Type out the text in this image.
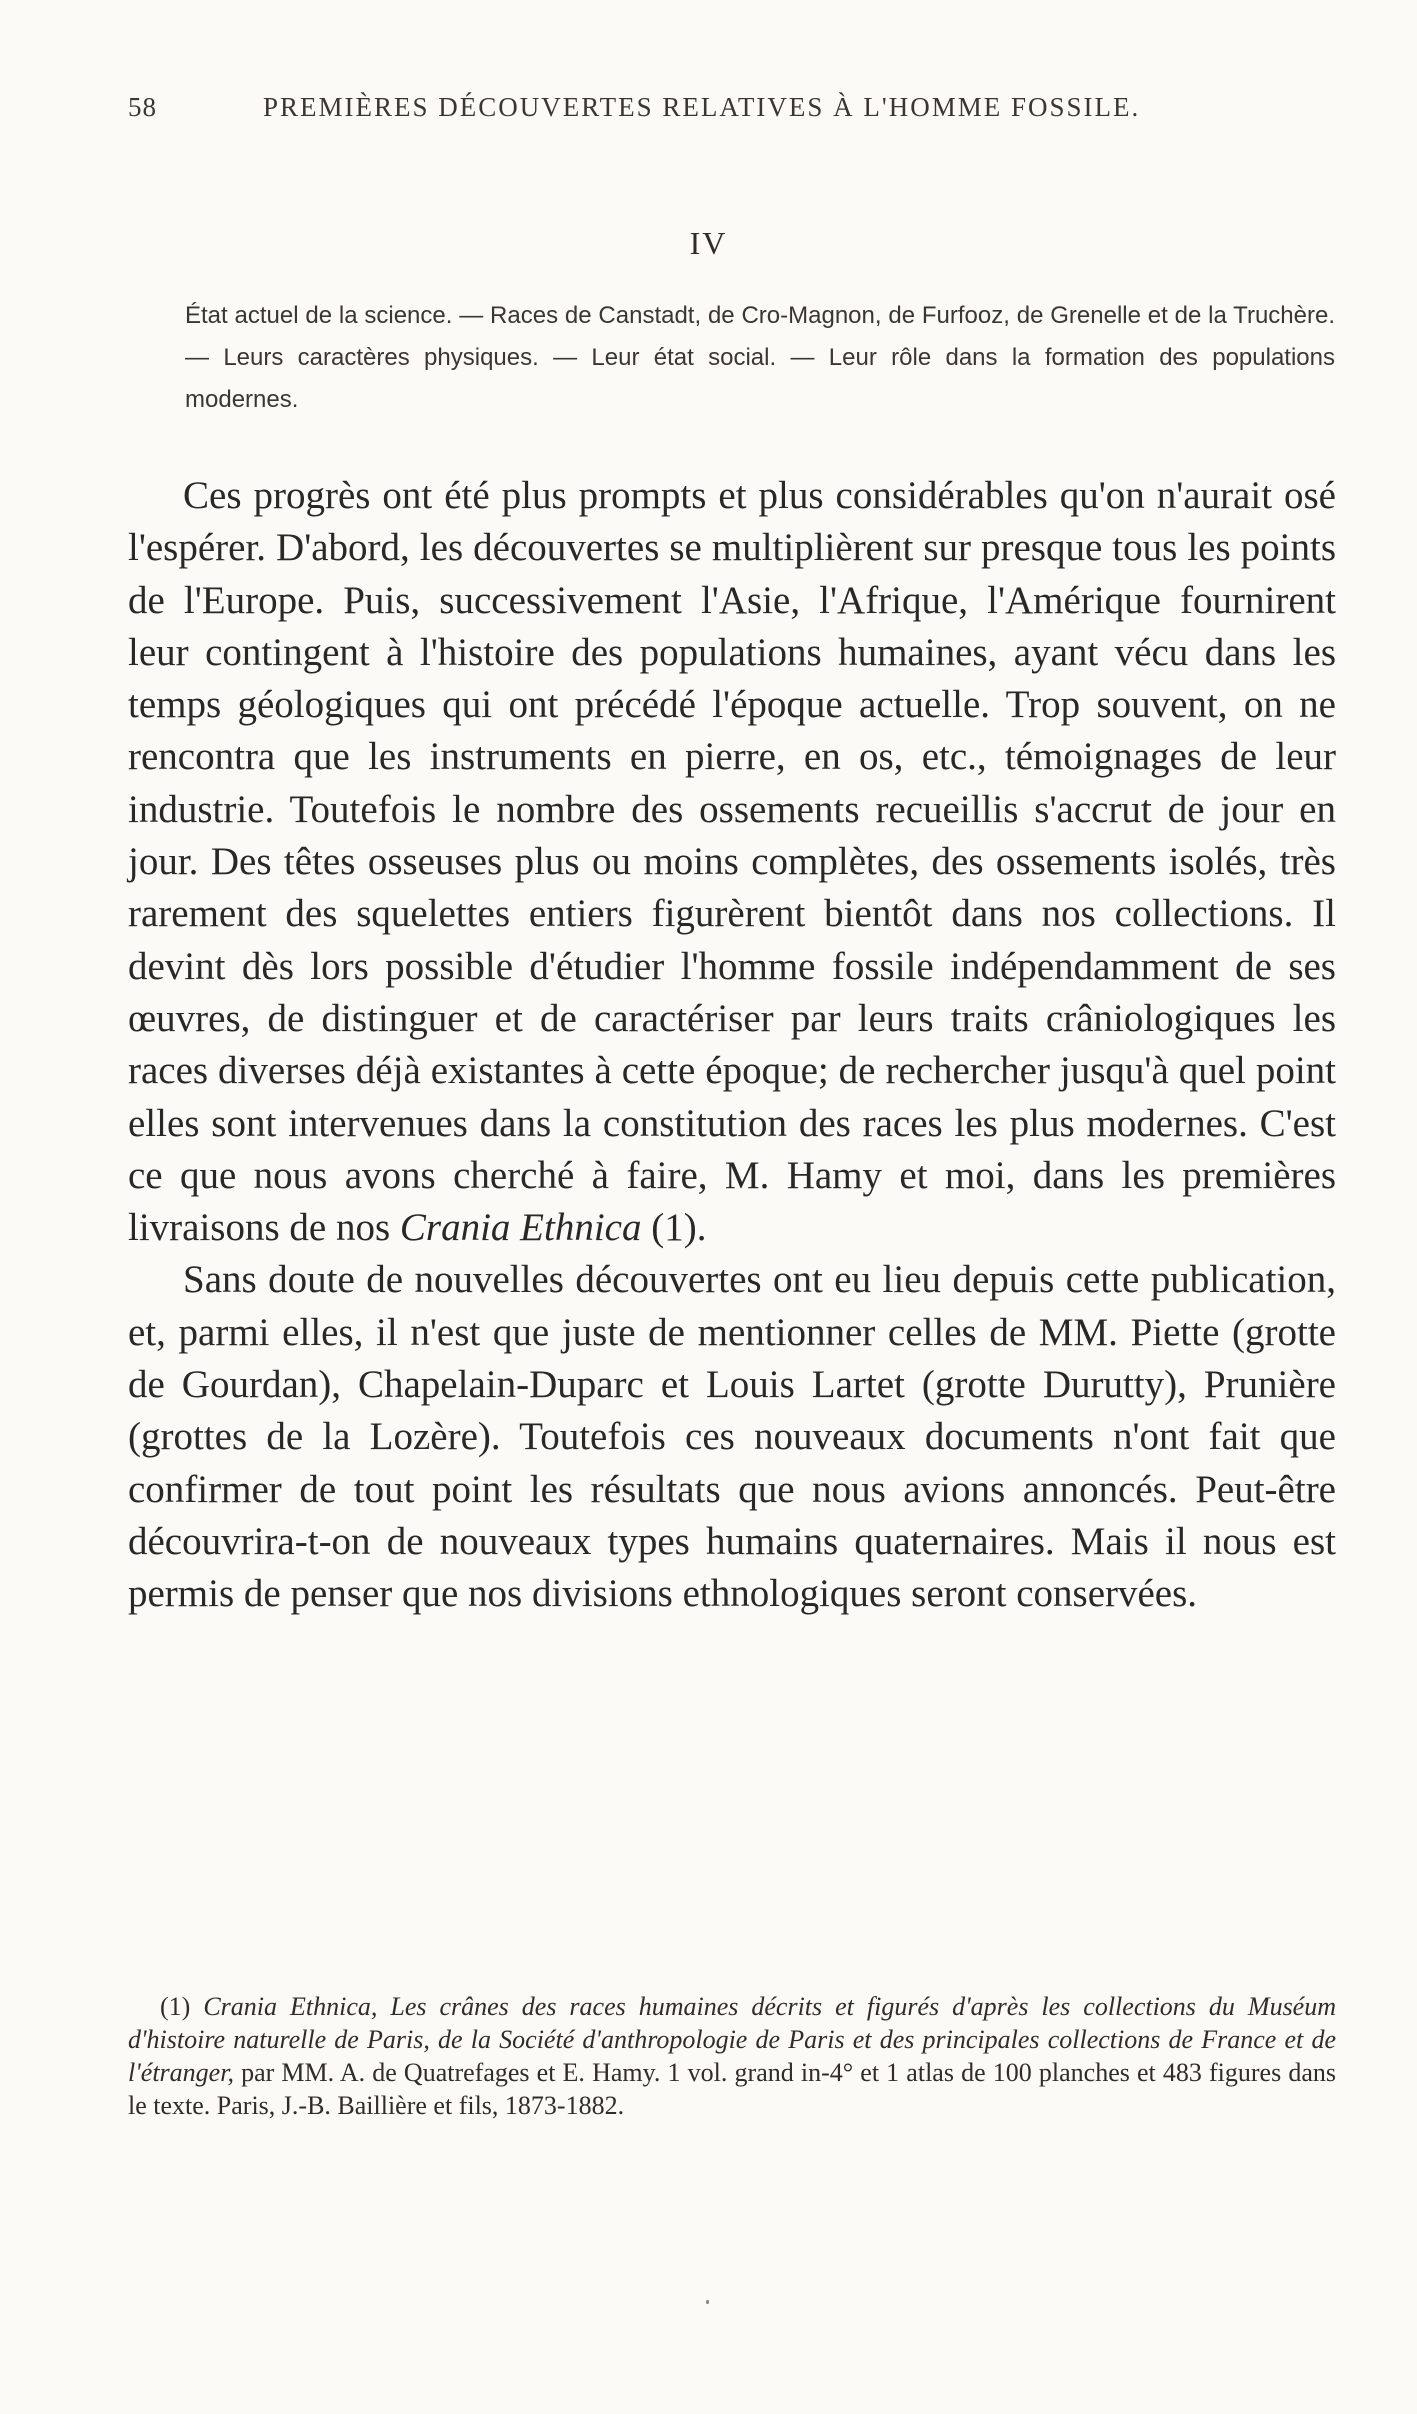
58	PREMIÈRES DÉCOUVERTES RELATIVES À L'HOMME FOSSILE.
IV
État actuel de la science. — Races de Canstadt, de Cro-Magnon, de Furfooz, de Grenelle et de la Truchère. — Leurs caractères physiques. — Leur état social. — Leur rôle dans la formation des populations modernes.

Ces progrès ont été plus prompts et plus considérables qu'on n'aurait osé l'espérer. D'abord, les découvertes se multiplièrent sur presque tous les points de l'Europe. Puis, successivement l'Asie, l'Afrique, l'Amérique fournirent leur contingent à l'histoire des populations humaines, ayant vécu dans les temps géologiques qui ont précédé l'époque actuelle. Trop souvent, on ne rencontra que les instruments en pierre, en os, etc., témoignages de leur industrie. Toutefois le nombre des ossements recueillis s'accrut de jour en jour. Des têtes osseuses plus ou moins complètes, des ossements isolés, très rarement des squelettes entiers figurèrent bientôt dans nos collections. Il devint dès lors possible d'étudier l'homme fossile indépendamment de ses œuvres, de distinguer et de caractériser par leurs traits crâniologiques les races diverses déjà existantes à cette époque; de rechercher jusqu'à quel point elles sont intervenues dans la constitution des races les plus modernes. C'est ce que nous avons cherché à faire, M. Hamy et moi, dans les premières livraisons de nos Crania Ethnica (1).

Sans doute de nouvelles découvertes ont eu lieu depuis cette publication, et, parmi elles, il n'est que juste de mentionner celles de MM. Piette (grotte de Gourdan), Chapelain-Duparc et Louis Lartet (grotte Durutty), Prunière (grottes de la Lozère). Toutefois ces nouveaux documents n'ont fait que confirmer de tout point les résultats que nous avions annoncés. Peut-être découvrira-t-on de nouveaux types humains quaternaires. Mais il nous est permis de penser que nos divisions ethnologiques seront conservées.

(1) Crania Ethnica, Les crânes des races humaines décrits et figurés d'après les collections du Muséum d'histoire naturelle de Paris, de la Société d'anthropologie de Paris et des principales collections de France et de l'étranger, par MM. A. de Quatrefages et E. Hamy. 1 vol. grand in-4° et 1 atlas de 100 planches et 483 figures dans le texte. Paris, J.-B. Baillière et fils, 1873-1882.
